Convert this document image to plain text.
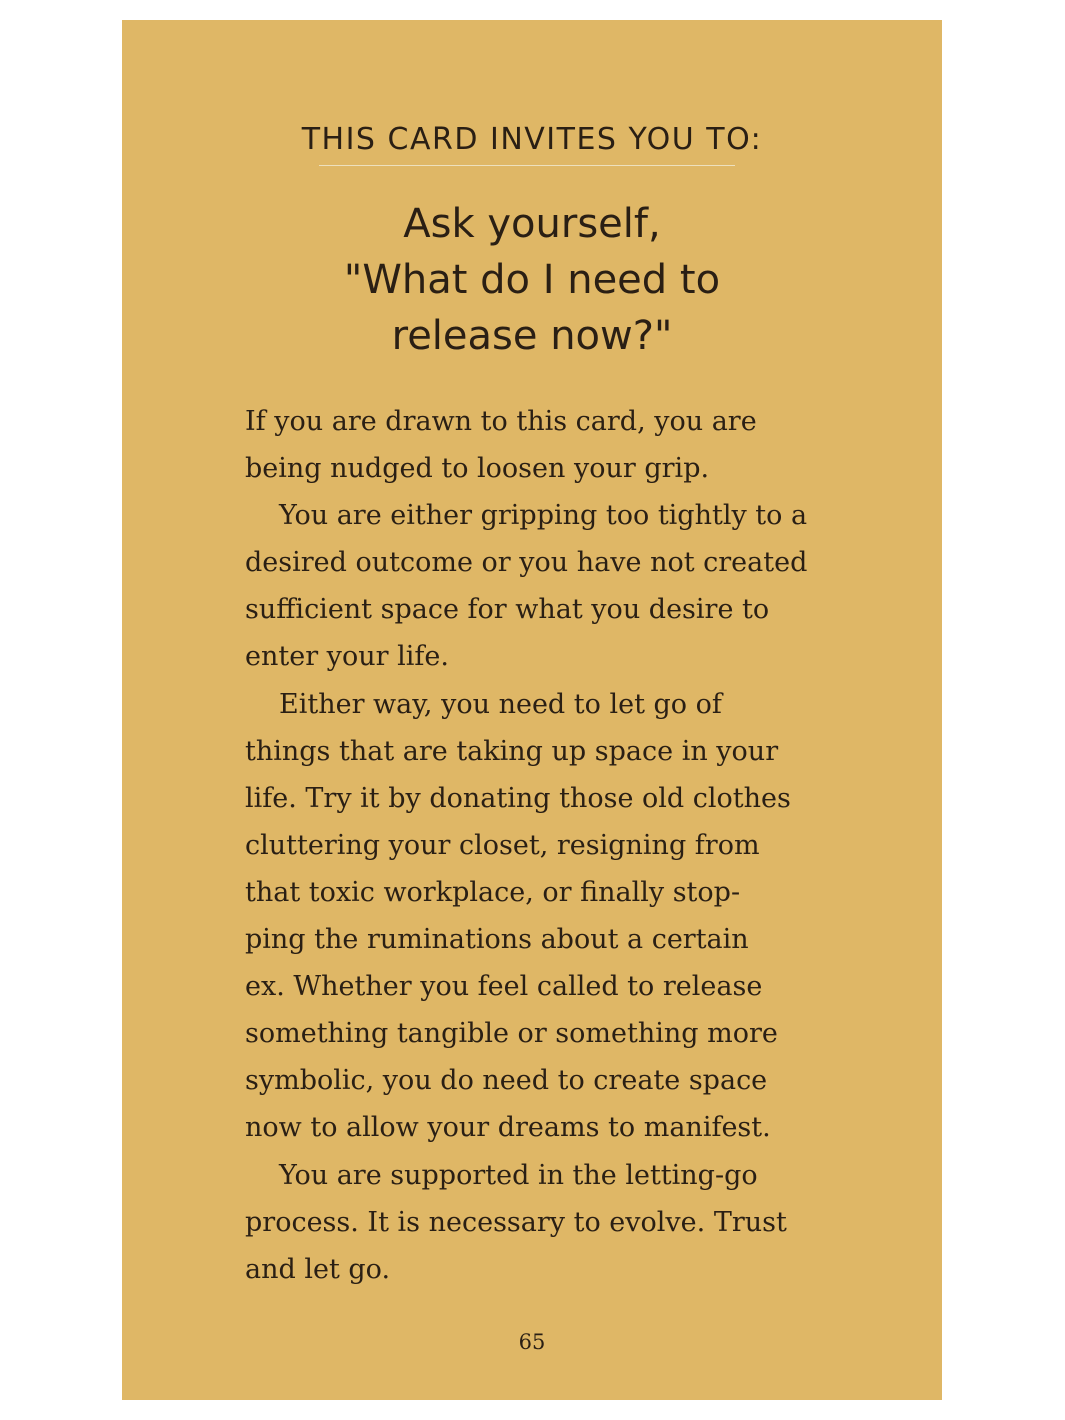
THIS CARD INVITES YOU TO:
Ask yourself,
"What do I need to
release now?"
If you are drawn to this card, you are
being nudged to loosen your grip.
You are either gripping too tightly to a
desired outcome or you have not created
sufficient space for what you desire to
enter your life.
Either way, you need to let go of
things that are taking up space in your
life. Try it by donating those old clothes
cluttering your closet, resigning from
that toxic workplace, or finally stop-
ping the ruminations about a certain
ex. Whether you feel called to release
something tangible or something more
symbolic, you do need to create space
now to allow your dreams to manifest.
You are supported in the letting-go
process. It is necessary to evolve. Trust
and let go.
65
